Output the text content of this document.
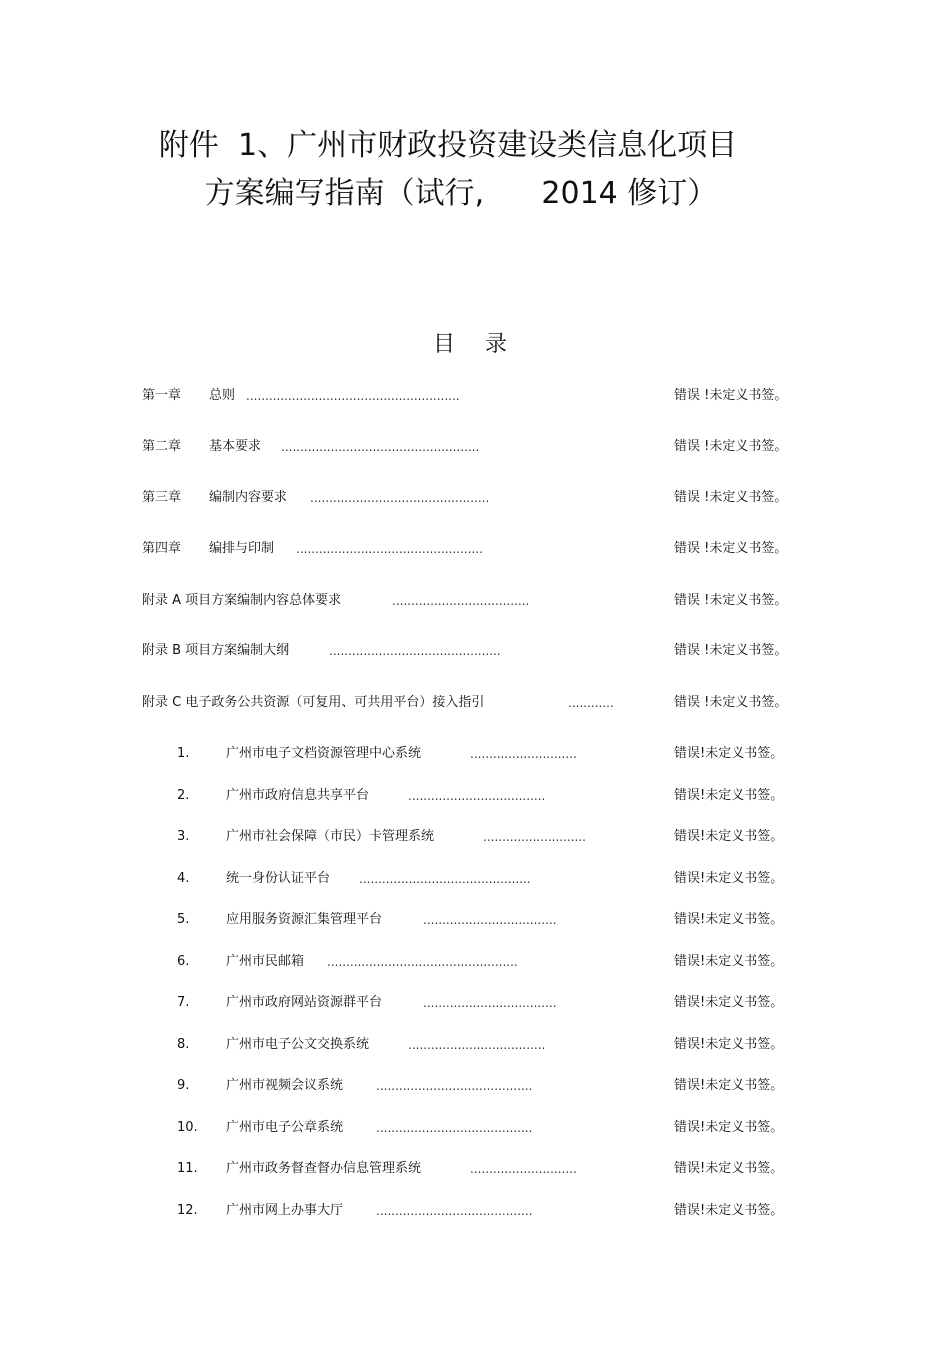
附件  1、广州市财政投资建设类信息化项目
方案编写指南（试行,      2014 修订）
目录
第一章 总则 ........................................................	错误 !未定义书签。
第二章 基本要求 ....................................................	错误 !未定义书签。
第三章 编制内容要求 ...............................................	错误 !未定义书签。
第四章 编排与印制 .................................................	错误 !未定义书签。
附录 A 项目方案编制内容总体要求	....................................	错误 !未定义书签。
附录 B 项目方案编制大纲	.............................................	错误 !未定义书签。
附录 C 电子政务公共资源（可复用、可共用平台）接入指引	............	错误 !未定义书签。
1.	广州市电子文档资源管理中心系统	............................	错误!未定义书签。
2.	广州市政府信息共享平台	....................................	错误!未定义书签。
3.	广州市社会保障（市民）卡管理系统	...........................	错误!未定义书签。
4.	统一身份认证平台 .............................................	错误!未定义书签。
5.	应用服务资源汇集管理平台	...................................	错误!未定义书签。
6.	广州市民邮箱 ..................................................	错误!未定义书签。
7.	广州市政府网站资源群平台	...................................	错误!未定义书签。
8.	广州市电子公文交换系统	....................................	错误!未定义书签。
9.	广州市视频会议系统	.........................................	错误!未定义书签。
10. 广州市电子公章系统	.........................................	错误!未定义书签。
11. 广州市政务督查督办信息管理系统	............................	错误!未定义书签。
12. 广州市网上办事大厅	.........................................	错误!未定义书签。
